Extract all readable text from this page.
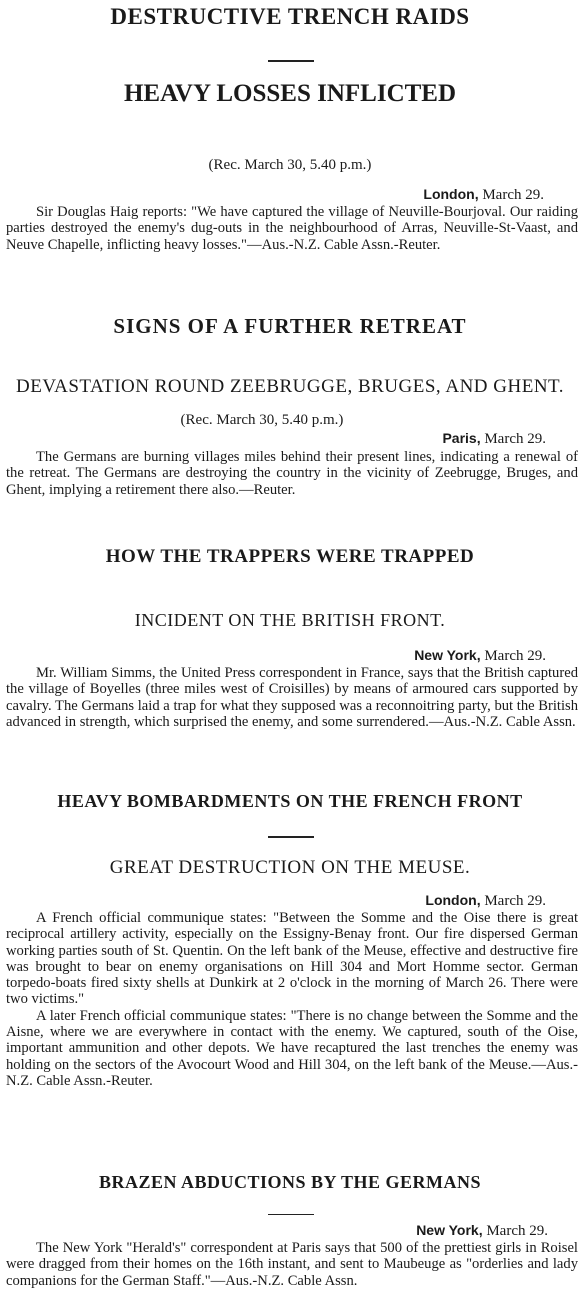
DESTRUCTIVE TRENCH RAIDS
HEAVY LOSSES INFLICTED
(Rec. March 30, 5.40 p.m.)
London, March 29.

Sir Douglas Haig reports: "We have captured the village of Neuville-Bourjoval. Our raiding parties destroyed the enemy's dug-outs in the neighbourhood of Arras, Neuville-St-Vaast, and Neuve Chapelle, inflicting heavy losses."—Aus.-N.Z. Cable Assn.-Reuter.

SIGNS OF A FURTHER RETREAT
DEVASTATION ROUND ZEEBRUGGE, BRUGES, AND GHENT.
(Rec. March 30, 5.40 p.m.)
Paris, March 29.

The Germans are burning villages miles behind their present lines, indicating a renewal of the retreat. The Germans are destroying the country in the vicinity of Zeebrugge, Bruges, and Ghent, implying a retirement there also.—Reuter.

HOW THE TRAPPERS WERE TRAPPED
INCIDENT ON THE BRITISH FRONT.
New York, March 29.

Mr. William Simms, the United Press correspondent in France, says that the British captured the village of Boyelles (three miles west of Croisilles) by means of armoured cars supported by cavalry. The Germans laid a trap for what they supposed was a reconnoitring party, but the British advanced in strength, which surprised the enemy, and some surrendered.—Aus.-N.Z. Cable Assn.

HEAVY BOMBARDMENTS ON THE FRENCH FRONT
GREAT DESTRUCTION ON THE MEUSE.
London, March 29.

A French official communique states: "Between the Somme and the Oise there is great reciprocal artillery activity, especially on the Essigny-Benay front. Our fire dispersed German working parties south of St. Quentin. On the left bank of the Meuse, effective and destructive fire was brought to bear on enemy organisations on Hill 304 and Mort Homme sector. German torpedo-boats fired sixty shells at Dunkirk at 2 o'clock in the morning of March 26. There were two victims."

A later French official communique states: "There is no change between the Somme and the Aisne, where we are everywhere in contact with the enemy. We captured, south of the Oise, important ammunition and other depots. We have recaptured the last trenches the enemy was holding on the sectors of the Avocourt Wood and Hill 304, on the left bank of the Meuse.—Aus.-N.Z. Cable Assn.-Reuter.

BRAZEN ABDUCTIONS BY THE GERMANS
New York, March 29.

The New York "Herald's" correspondent at Paris says that 500 of the prettiest girls in Roisel were dragged from their homes on the 16th instant, and sent to Maubeuge as "orderlies and lady companions for the German Staff."—Aus.-N.Z. Cable Assn.
